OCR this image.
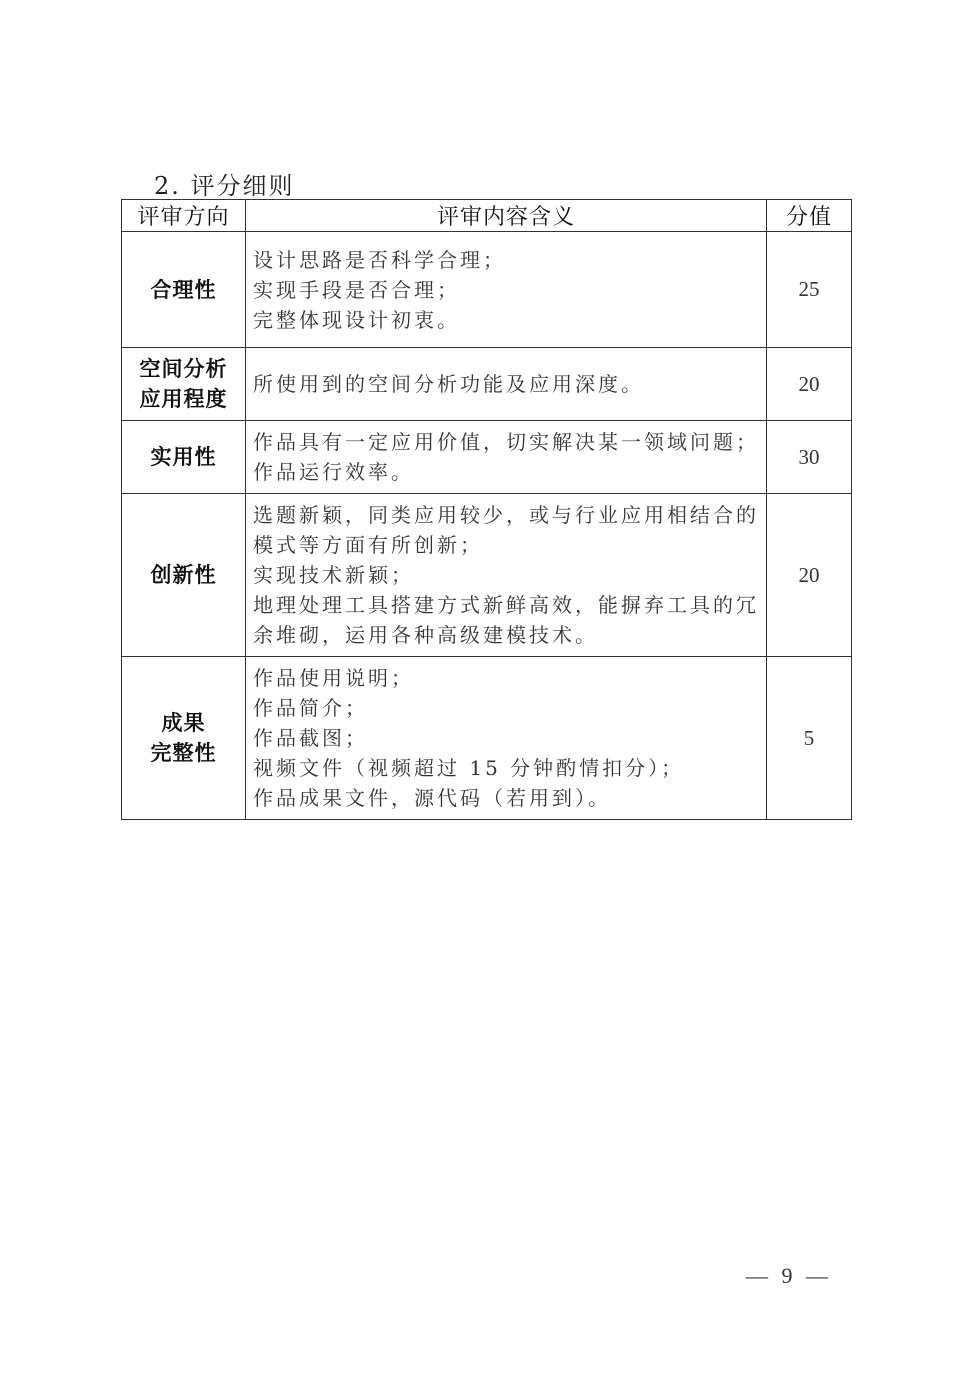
2. 评分细则
评审方向	评审内容含义	分值
合理性	设计思路是否科学合理；
实现手段是否合理；
完整体现设计初衷。	25

空间分析
应用程度	所使用到的空间分析功能及应用深度。	20
实用性	作品具有一定应用价值，切实解决某一领域问题；
作品运行效率。	30
创新性	选题新颖，同类应用较少，或与行业应用相结合的
模式等方面有所创新；
实现技术新颖；
地理处理工具搭建方式新鲜高效，能摒弃工具的冗
余堆砌，运用各种高级建模技术。	20

成果
完整性	作品使用说明；
作品简介；
作品截图；
视频文件（视频超过 15 分钟酌情扣分）；
作品成果文件，源代码（若用到）。	5
— 9 —
